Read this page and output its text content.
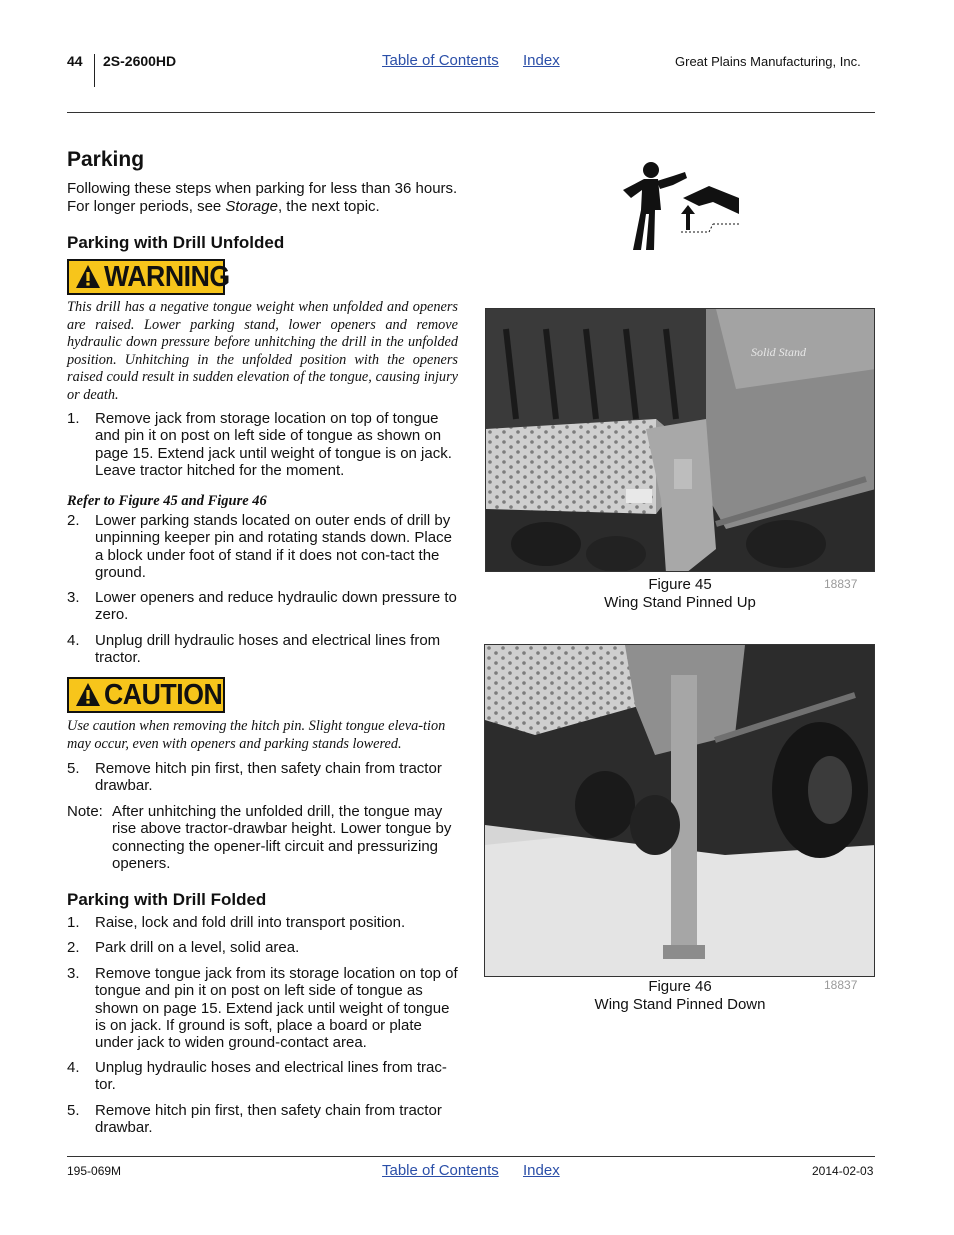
44 2S-2600HD	Table of Contents Index	Great Plains Manufacturing, Inc.
Parking

Following these steps when parking for less than 36 hours. For longer periods, see Storage, the next topic.

Parking with Drill Unfolded
WARNING

This drill has a negative tongue weight when unfolded and openers are raised. Lower parking stand, lower openers and remove hydraulic down pressure before unhitching the drill in the unfolded position. Unhitching in the unfolded position with the openers raised could result in sudden elevation of the tongue, causing injury or death.

1. Remove jack from storage location on top of tongue and pin it on post on left side of tongue as shown on page 15. Extend jack until weight of tongue is on jack. Leave tractor hitched for the moment.
Refer to Figure 45 and Figure 46
2. Lower parking stands located on outer ends of drill by unpinning keeper pin and rotating stands down. Place a block under foot of stand if it does not con-tact the ground.
3. Lower openers and reduce hydraulic down pressure to zero.
4. Unplug drill hydraulic hoses and electrical lines from tractor.
CAUTION

Use caution when removing the hitch pin. Slight tongue eleva-tion may occur, even with openers and parking stands lowered.

5. Remove hitch pin first, then safety chain from tractor drawbar.
Note: After unhitching the unfolded drill, the tongue may rise above tractor-drawbar height. Lower tongue by connecting the opener-lift circuit and pressurizing openers.
Parking with Drill Folded
1. Raise, lock and fold drill into transport position.
2. Park drill on a level, solid area.
3. Remove tongue jack from its storage location on top of tongue and pin it on post on left side of tongue as shown on page 15. Extend jack until weight of tongue is on jack. If ground is soft, place a board or plate under jack to widen ground-contact area.
4. Unplug hydraulic hoses and electrical lines from trac-tor.
5. Remove hitch pin first, then safety chain from tractor drawbar.
Solid Stand
Figure 45
Wing Stand Pinned Up
18837
Figure 46
Wing Stand Pinned Down
18837
195-069M	Table of Contents Index	2014-02-03
